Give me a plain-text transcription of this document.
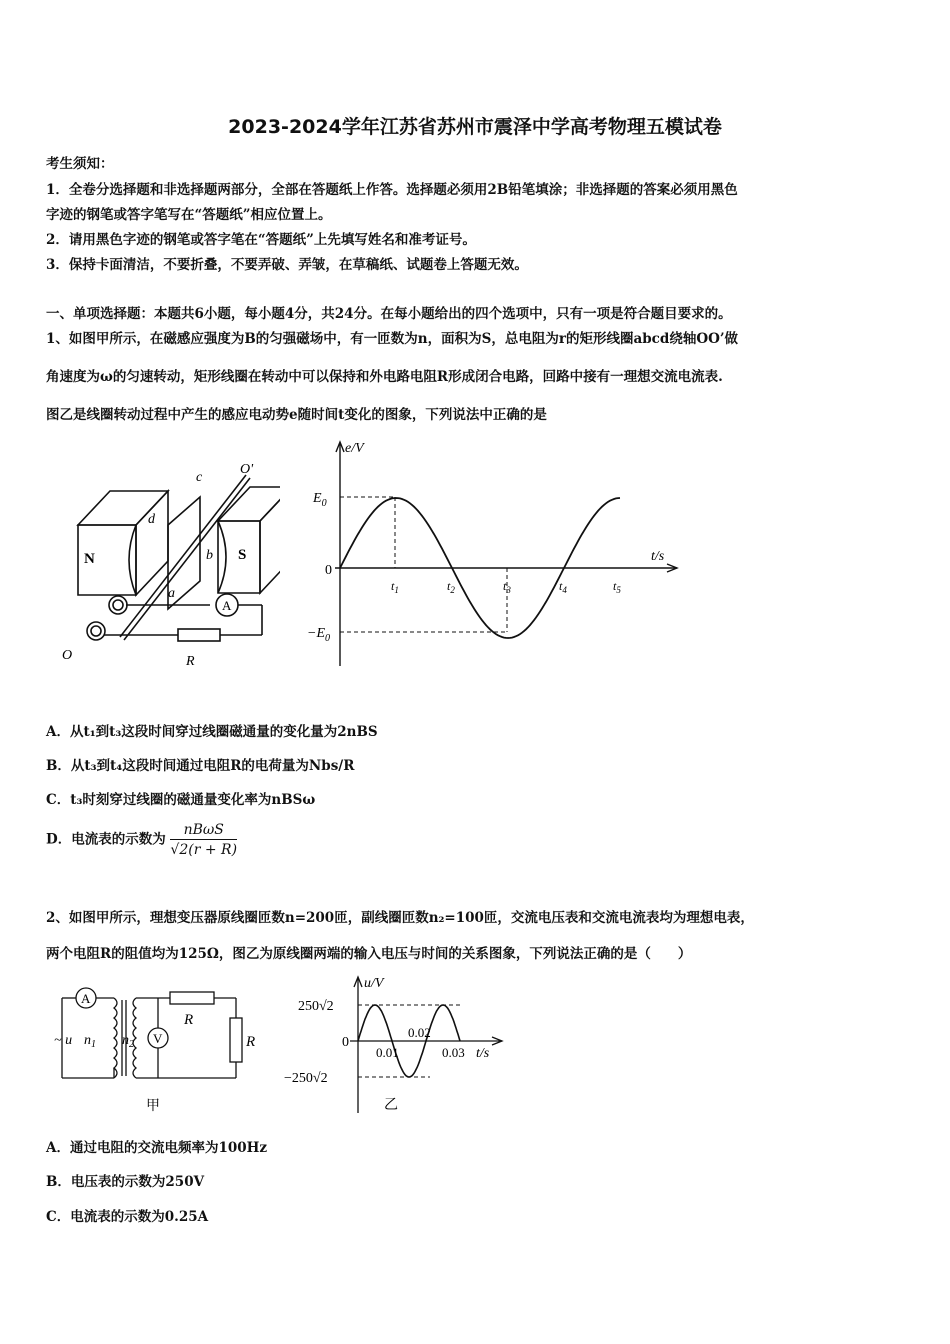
2023-2024学年江苏省苏州市震泽中学高考物理五模试卷
考生须知：
1．全卷分选择题和非选择题两部分，全部在答题纸上作答。选择题必须用2B铅笔填涂；非选择题的答案必须用黑色
字迹的钢笔或答字笔写在“答题纸”相应位置上。
2．请用黑色字迹的钢笔或答字笔在“答题纸”上先填写姓名和准考证号。
3．保持卡面清洁，不要折叠，不要弄破、弄皱，在草稿纸、试题卷上答题无效。
一、单项选择题：本题共6小题，每小题4分，共24分。在每小题给出的四个选项中，只有一项是符合题目要求的。
1、如图甲所示，在磁感应强度为B的匀强磁场中，有一匝数为n，面积为S，总电阻为r的矩形线圈abcd绕轴OO’做
角速度为ω的匀速转动，矩形线圈在转动中可以保持和外电路电阻R形成闭合电路，回路中接有一理想交流电流表.
图乙是线圈转动过程中产生的感应电动势e随时间t变化的图象，下列说法中正确的是
N	S
d
c
b
a
O'
O
A
R
e/V
t/s
$E_0$
$-E_0$
0
$t_1$	$t_2$	$t_3$	$t_4$	$t_5$
A．从t₁到t₃这段时间穿过线圈磁通量的变化量为2nBS
B．从t₃到t₄这段时间通过电阻R的电荷量为Nbs/R
C．t₃时刻穿过线圈的磁通量变化率为nBSω
D．电流表的示数为 $\frac{\text{nBωS}}{√2(r + R)}$
2、如图甲所示，理想变压器原线圈匝数n=200匝，副线圈匝数n₂=100匝，交流电压表和交流电流表均为理想电表，
两个电阻R的阻值均为125Ω，图乙为原线圈两端的输入电压与时间的关系图象，下列说法正确的是（　　）
A
V
R
R
~ u $n_1$ $n_2$
甲
u/V
t/s
250√2
−250√2
0
0.01
0.02
0.03
乙
A．通过电阻的交流电频率为100Hz
B．电压表的示数为250V
C．电流表的示数为0.25A
